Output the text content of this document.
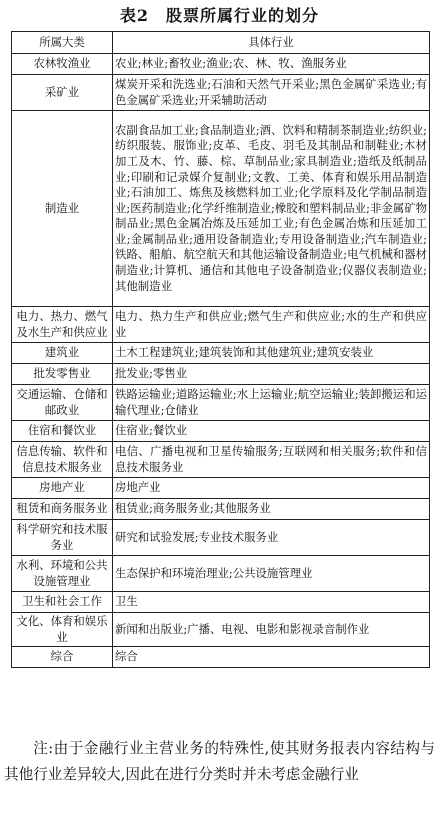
表2　股票所属行业的划分
所属大类	具体行业
农林牧渔业	农业;林业;畜牧业;渔业;农、林、牧、渔服务业
采矿业	煤炭开采和洗选业;石油和天然气开采业;黑色金属矿采选业;有色金属矿采选业;开采辅助活动
制造业	农副食品加工业;食品制造业;酒、饮料和精制茶制造业;纺织业;纺织服装、服饰业;皮革、毛皮、羽毛及其制品和制鞋业;木材加工及木、竹、藤、棕、草制品业;家具制造业;造纸及纸制品业;印刷和记录媒介复制业;文教、工美、体育和娱乐用品制造业;石油加工、炼焦及核燃料加工业;化学原料及化学制品制造业;医药制造业;化学纤维制造业;橡胶和塑料制品业;非金属矿物制品业;黑色金属冶炼及压延加工业;有色金属冶炼和压延加工业;金属制品业;通用设备制造业;专用设备制造业;汽车制造业;铁路、船舶、航空航天和其他运输设备制造业;电气机械和器材制造业;计算机、通信和其他电子设备制造业;仪器仪表制造业;其他制造业
电力、热力、燃气及水生产和供应业	电力、热力生产和供应业;燃气生产和供应业;水的生产和供应业
建筑业	土木工程建筑业;建筑装饰和其他建筑业;建筑安装业
批发零售业	批发业;零售业
交通运输、仓储和邮政业	铁路运输业;道路运输业;水上运输业;航空运输业;装卸搬运和运输代理业;仓储业
住宿和餐饮业	住宿业;餐饮业
信息传输、软件和信息技术服务业	电信、广播电视和卫星传输服务;互联网和相关服务;软件和信息技术服务业
房地产业	房地产业
租赁和商务服务业	租赁业;商务服务业;其他服务业
科学研究和技术服务业	研究和试验发展;专业技术服务业
水利、环境和公共设施管理业	生态保护和环境治理业;公共设施管理业
卫生和社会工作	卫生
文化、体育和娱乐业	新闻和出版业;广播、电视、电影和影视录音制作业
综合	综合

注:由于金融行业主营业务的特殊性,使其财务报表内容结构与其他行业差异较大,因此在进行分类时并未考虑金融行业
